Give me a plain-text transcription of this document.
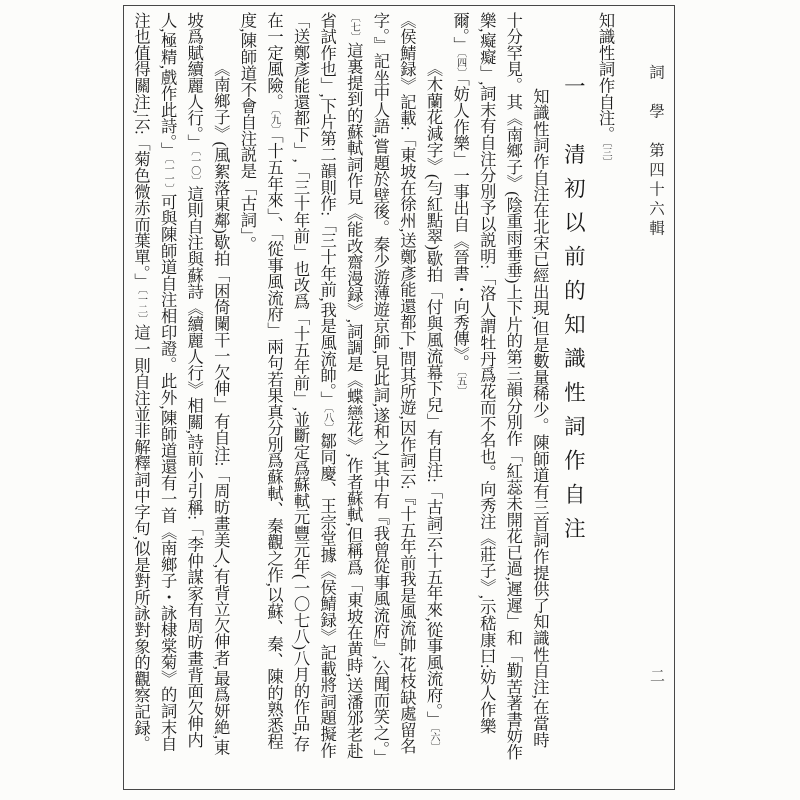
詞　學　第四十六輯
二

知識性詞作自注。〔三〕

一　清初以前的知識性詞作自注

知識性詞作自注在北宋已經出現,但是數量稀少。陳師道有三首詞作提供了知識性自注,在當時十分罕見。其《南鄉子》(陰重雨垂垂)上下片的第三韻分別作「紅蕊未開花已過,遲遲」和「勤苦著書妨作樂,癡癡」,詞末有自注分別予以説明:「洛人謂牡丹爲花而不名也。向秀注《莊子》,示嵇康曰:妨人作樂爾。」〔四〕「妨人作樂」一事出自《晉書・向秀傳》。〔五〕

《木蘭花減字》(勻紅點翠)歇拍「付與風流幕下兒」有自注:「古詞云:十五年來,從事風流府。」〔六〕《侯鯖録》記載:「東坡在徐州,送鄭彥能還都下,問其所遊,因作詞云:『十五年前我是風流帥,花枝缺處留名字。』記坐中人語,嘗題於壁後。秦少游薄遊京師,見此詞,遂和之,其中有『我曾從事風流府』,公聞而笑之。」〔七〕這裏提到的蘇軾詞作見《能改齋漫録》,詞調是《蝶戀花》,作者蘇軾,但稱爲「東坡在黄時,送潘邠老赴省試作也」,下片第二韻則作:「三十年前,我是風流帥。」〔八〕鄒同慶、王宗堂據《侯鯖録》記載將詞題擬作「送鄭彥能還都下」,「三十年前」也改爲「十五年前」,並斷定爲蘇軾元豐元年(一〇七八)八月的作品,存在一定風險。〔九〕「十五年來」、「從事風流府」兩句若果真分別爲蘇軾、秦觀之作,以蘇、秦、陳的熟悉程度,陳師道不會自注説是「古詞」。

《南鄉子》(風絮落東鄰)歇拍「困倚闌干一欠伸」有自注:「周昉畫美人,有背立欠伸者,最爲妍絶,東坡爲賦續麗人行。」〔一〇〕這則自注與蘇詩《續麗人行》相關,詩前小引稱:「李仲謀家有周昉畫背面欠伸内人,極精,戲作此詩。」〔一一〕可與陳師道自注相印證。此外,陳師道還有一首《南鄉子・詠棣棠菊》的詞末自注也值得關注,云:「菊色微赤而葉單。」〔一二〕這一則自注並非解釋詞中字句,似是對所詠對象的觀察記録。
